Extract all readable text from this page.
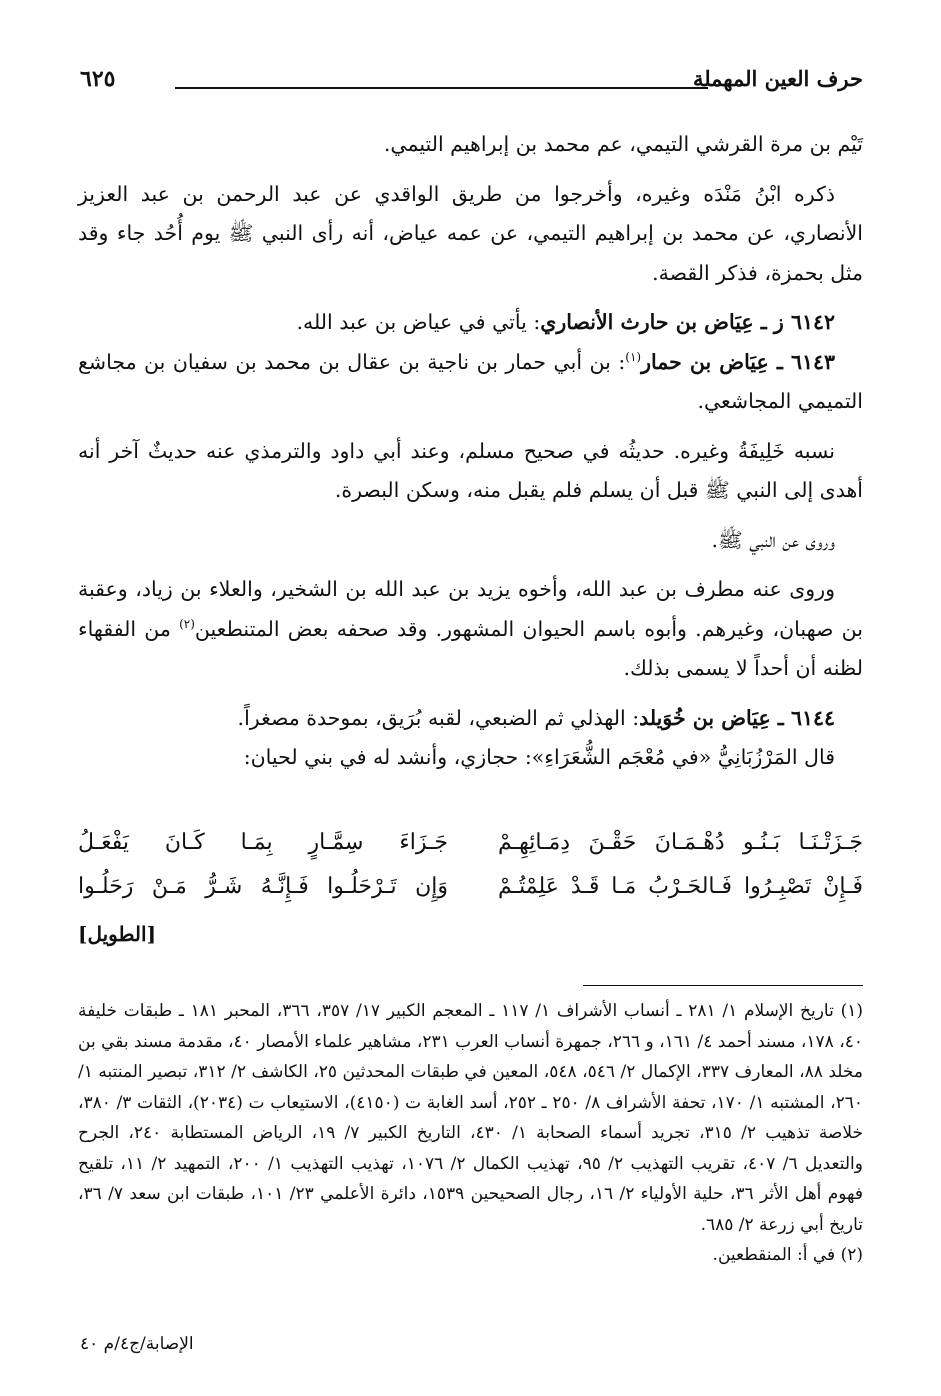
حرف العين المهملة
٦٢٥

تَيْم بن مرة القرشي التيمي، عم محمد بن إبراهيم التيمي.

ذكره ابْنُ مَنْدَه وغيره، وأخرجوا من طريق الواقدي عن عبد الرحمن بن عبد العزيز الأنصاري، عن محمد بن إبراهيم التيمي، عن عمه عياض، أنه رأى النبي ﷺ يوم أُحُد جاء وقد مثل بحمزة، فذكر القصة.

٦١٤٢ ز ـ عِيَاض بن حارث الأنصاري: يأتي في عياض بن عبد الله.

٦١٤٣ ـ عِيَاض بن حمار$^{(١)}$: بن أبي حمار بن ناجية بن عقال بن محمد بن سفيان بن مجاشع التميمي المجاشعي.

نسبه خَلِيفَةُ وغيره. حديثُه في صحيح مسلم، وعند أبي داود والترمذي عنه حديثٌ آخر أنه أهدى إلى النبي ﷺ قبل أن يسلم فلم يقبل منه، وسكن البصرة.

وروى عن النبي ﷺ.

وروى عنه مطرف بن عبد الله، وأخوه يزيد بن عبد الله بن الشخير، والعلاء بن زياد، وعقبة بن صهبان، وغيرهم. وأبوه باسم الحيوان المشهور. وقد صحفه بعض المتنطعين$^{(٢)}$ من الفقهاء لظنه أن أحداً لا يسمى بذلك.

٦١٤٤ ـ عِيَاض بن خُوَيلد: الهذلي ثم الضبعي، لقبه بُرَيق، بموحدة مصغراً.

قال المَرْزُبَانِيُّ «في مُعْجَم الشُّعَرَاءِ»: حجازي، وأنشد له في بني لحيان:

جَـزَتْـنَـا بَـنُـو دُهْـمَـانَ حَقْـنَ دِمَـائِهِـمْ
جَـزَاءَ سِمَّـارٍ بِمَـا كَـانَ يَفْعَـلُ
فَـإِنْ تَصْبِـرُوا فَـالحَـرْبُ مَـا قَـدْ عَلِمْتُـمْ
وَإِن تَـرْحَلُـوا فَـإِنَّـهُ شَـرُّ مَـنْ رَحَلُـوا
[الطويل]

(١) تاريخ الإسلام ١/ ٢٨١ ـ أنساب الأشراف ١/ ١١٧ ـ المعجم الكبير ١٧/ ٣٥٧، ٣٦٦، المحبر ١٨١ ـ طبقات خليفة ٤٠، ١٧٨، مسند أحمد ٤/ ١٦١، و ٢٦٦، جمهرة أنساب العرب ٢٣١، مشاهير علماء الأمصار ٤٠، مقدمة مسند بقي بن مخلد ٨٨، المعارف ٣٣٧، الإكمال ٢/ ٥٤٦، ٥٤٨، المعين في طبقات المحدثين ٢٥، الكاشف ٢/ ٣١٢، تبصير المنتبه ١/ ٢٦٠، المشتبه ١/ ١٧٠، تحفة الأشراف ٨/ ٢٥٠ ـ ٢٥٢، أسد الغابة ت (٤١٥٠)، الاستيعاب ت (٢٠٣٤)، الثقات ٣/ ٣٨٠، خلاصة تذهيب ٢/ ٣١٥، تجريد أسماء الصحابة ١/ ٤٣٠، التاريخ الكبير ٧/ ١٩، الرياض المستطابة ٢٤٠، الجرح والتعديل ٦/ ٤٠٧، تقريب التهذيب ٢/ ٩٥، تهذيب الكمال ٢/ ١٠٧٦، تهذيب التهذيب ١/ ٢٠٠، التمهيد ٢/ ١١، تلقيح فهوم أهل الأثر ٣٦، حلية الأولياء ٢/ ١٦، رجال الصحيحين ١٥٣٩، دائرة الأعلمي ٢٣/ ١٠١، طبقات ابن سعد ٧/ ٣٦، تاريخ أبي زرعة ٢/ ٦٨٥.

(٢) في أ: المنقطعين.

الإصابة/ج٤/م ٤٠
